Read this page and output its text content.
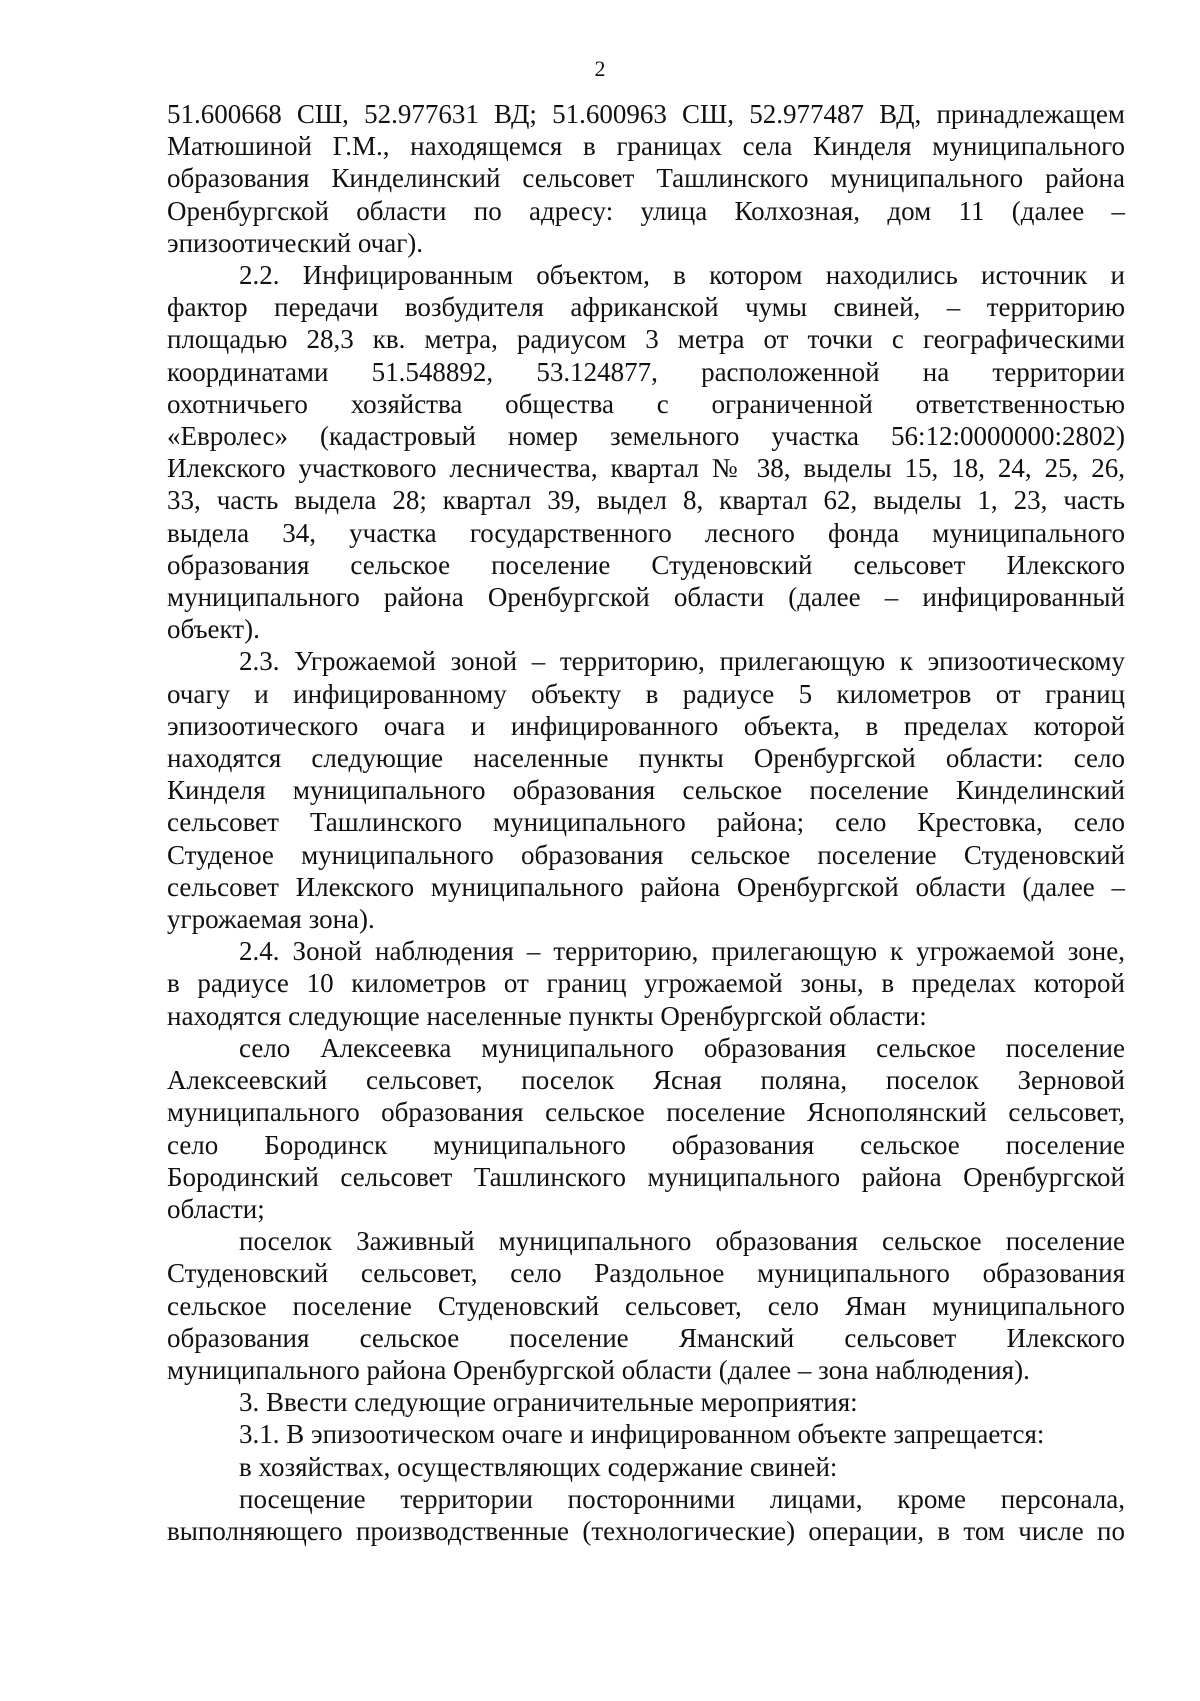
2

51.600668 СШ, 52.977631 ВД; 51.600963 СШ, 52.977487 ВД, принадлежащем

Матюшиной Г.М., находящемся в границах села Кинделя муниципального

образования Кинделинский сельсовет Ташлинского муниципального района

Оренбургской области по адресу: улица Колхозная, дом 11 (далее –

эпизоотический очаг).

2.2. Инфицированным объектом, в котором находились источник и

фактор передачи возбудителя африканской чумы свиней, – территорию

площадью 28,3 кв. метра, радиусом 3 метра от точки с географическими

координатами 51.548892, 53.124877, расположенной на территории

охотничьего хозяйства общества с ограниченной ответственностью

«Евролес» (кадастровый номер земельного участка 56:12:0000000:2802)

Илекского участкового лесничества, квартал № 38, выделы 15, 18, 24, 25, 26,

33, часть выдела 28; квартал 39, выдел 8, квартал 62, выделы 1, 23, часть

выдела 34, участка государственного лесного фонда муниципального

образования сельское поселение Студеновский сельсовет Илекского

муниципального района Оренбургской области (далее – инфицированный

объект).

2.3. Угрожаемой зоной – территорию, прилегающую к эпизоотическому

очагу и инфицированному объекту в радиусе 5 километров от границ

эпизоотического очага и инфицированного объекта, в пределах которой

находятся следующие населенные пункты Оренбургской области: село

Кинделя муниципального образования сельское поселение Кинделинский

сельсовет Ташлинского муниципального района; село Крестовка, село

Студеное муниципального образования сельское поселение Студеновский

сельсовет Илекского муниципального района Оренбургской области (далее –

угрожаемая зона).

2.4. Зоной наблюдения – территорию, прилегающую к угрожаемой зоне,

в радиусе 10 километров от границ угрожаемой зоны, в пределах которой

находятся следующие населенные пункты Оренбургской области:

село Алексеевка муниципального образования сельское поселение

Алексеевский сельсовет, поселок Ясная поляна, поселок Зерновой

муниципального образования сельское поселение Яснополянский сельсовет,

село Бородинск муниципального образования сельское поселение

Бородинский сельсовет Ташлинского муниципального района Оренбургской

области;

поселок Заживный муниципального образования сельское поселение

Студеновский сельсовет, село Раздольное муниципального образования

сельское поселение Студеновский сельсовет, село Яман муниципального

образования сельское поселение Яманский сельсовет Илекского

муниципального района Оренбургской области (далее – зона наблюдения).

3. Ввести следующие ограничительные мероприятия:

3.1. В эпизоотическом очаге и инфицированном объекте запрещается:

в хозяйствах, осуществляющих содержание свиней:

посещение территории посторонними лицами, кроме персонала,

выполняющего производственные (технологические) операции, в том числе по
